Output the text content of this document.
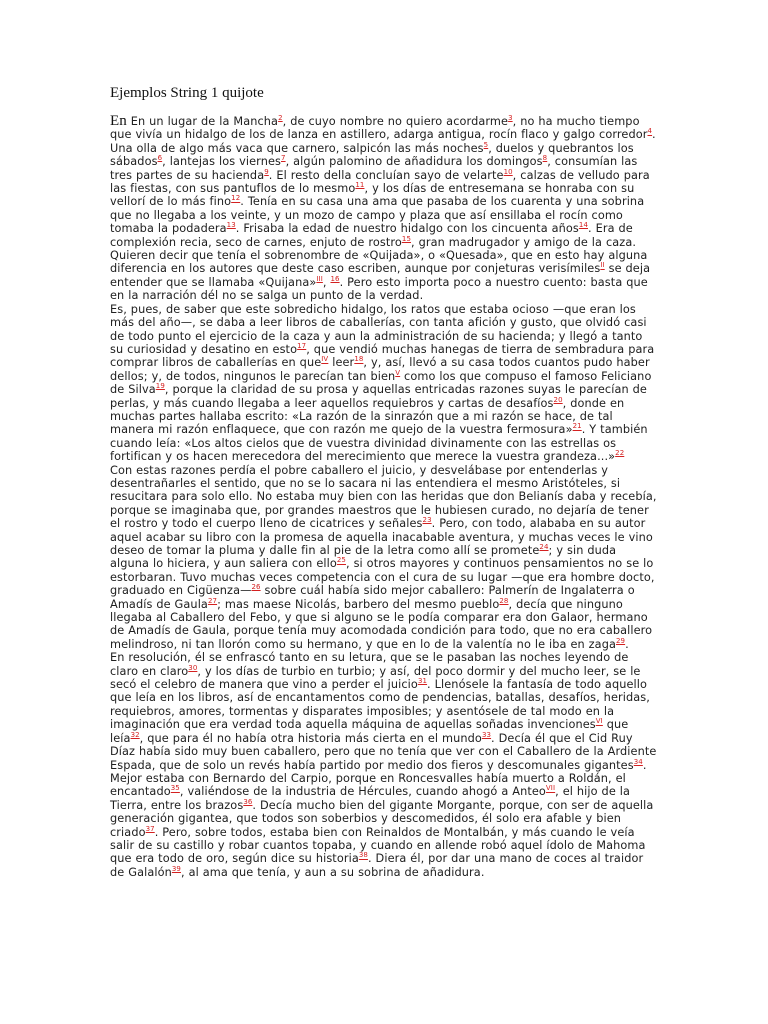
Ejemplos String 1 quijote

En En un lugar de la Mancha$^2$, de cuyo nombre no quiero acordarme$^3$, no ha mucho tiempo que vivía un hidalgo de los de lanza en astillero, adarga antigua, rocín flaco y galgo corredor$^4$. Una olla de algo más vaca que carnero, salpicón las más noches$^5$, duelos y quebrantos los sábados$^6$, lantejas los viernes$^7$, algún palomino de añadidura los domingos$^8$, consumían las tres partes de su hacienda$^9$. El resto della concluían sayo de velarte$^{10}$, calzas de velludo para las fiestas, con sus pantuflos de lo mesmo$^{11}$, y los días de entresemana se honraba con su vellorí de lo más fino$^{12}$. Tenía en su casa una ama que pasaba de los cuarenta y una sobrina que no llegaba a los veinte, y un mozo de campo y plaza que así ensillaba el rocín como tomaba la podadera$^{13}$. Frisaba la edad de nuestro hidalgo con los cincuenta años$^{14}$. Era de complexión recia, seco de carnes, enjuto de rostro$^{15}$, gran madrugador y amigo de la caza. Quieren decir que tenía el sobrenombre de «Quijada», o «Quesada», que en esto hay alguna diferencia en los autores que deste caso escriben, aunque por conjeturas verisímiles$^{II}$ se deja entender que se llamaba «Quijana»$^{III}$, $^{16}$. Pero esto importa poco a nuestro cuento: basta que en la narración dél no se salga un punto de la verdad.

Es, pues, de saber que este sobredicho hidalgo, los ratos que estaba ocioso —que eran los más del año—, se daba a leer libros de caballerías, con tanta afición y gusto, que olvidó casi de todo punto el ejercicio de la caza y aun la administración de su hacienda; y llegó a tanto su curiosidad y desatino en esto$^{17}$, que vendió muchas hanegas de tierra de sembradura para comprar libros de caballerías en que$^{IV}$ leer$^{18}$, y, así, llevó a su casa todos cuantos pudo haber dellos; y, de todos, ningunos le parecían tan bien$^V$ como los que compuso el famoso Feliciano de Silva$^{19}$, porque la claridad de su prosa y aquellas entricadas razones suyas le parecían de perlas, y más cuando llegaba a leer aquellos requiebros y cartas de desafíos$^{20}$, donde en muchas partes hallaba escrito: «La razón de la sinrazón que a mi razón se hace, de tal manera mi razón enflaquece, que con razón me quejo de la vuestra fermosura»$^{21}$. Y también cuando leía: «Los altos cielos que de vuestra divinidad divinamente con las estrellas os fortifican y os hacen merecedora del merecimiento que merece la vuestra grandeza...»$^{22}$

Con estas razones perdía el pobre caballero el juicio, y desvelábase por entenderlas y desentrañarles el sentido, que no se lo sacara ni las entendiera el mesmo Aristóteles, si resucitara para solo ello. No estaba muy bien con las heridas que don Belianís daba y recebía, porque se imaginaba que, por grandes maestros que le hubiesen curado, no dejaría de tener el rostro y todo el cuerpo lleno de cicatrices y señales$^{23}$. Pero, con todo, alababa en su autor aquel acabar su libro con la promesa de aquella inacabable aventura, y muchas veces le vino deseo de tomar la pluma y dalle fin al pie de la letra como allí se promete$^{24}$; y sin duda alguna lo hiciera, y aun saliera con ello$^{25}$, si otros mayores y continuos pensamientos no se lo estorbaran. Tuvo muchas veces competencia con el cura de su lugar —que era hombre docto, graduado en Cigüenza—$^{26}$ sobre cuál había sido mejor caballero: Palmerín de Ingalaterra o Amadís de Gaula$^{27}$; mas maese Nicolás, barbero del mesmo pueblo$^{28}$, decía que ninguno llegaba al Caballero del Febo, y que si alguno se le podía comparar era don Galaor, hermano de Amadís de Gaula, porque tenía muy acomodada condición para todo, que no era caballero melindroso, ni tan llorón como su hermano, y que en lo de la valentía no le iba en zaga$^{29}$.

En resolución, él se enfrascó tanto en su letura, que se le pasaban las noches leyendo de claro en claro$^{30}$, y los días de turbio en turbio; y así, del poco dormir y del mucho leer, se le secó el celebro de manera que vino a perder el juicio$^{31}$. Llenósele la fantasía de todo aquello que leía en los libros, así de encantamentos como de pendencias, batallas, desafíos, heridas, requiebros, amores, tormentas y disparates imposibles; y asentósele de tal modo en la imaginación que era verdad toda aquella máquina de aquellas soñadas invenciones$^{VI}$ que leía$^{32}$, que para él no había otra historia más cierta en el mundo$^{33}$. Decía él que el Cid Ruy Díaz había sido muy buen caballero, pero que no tenía que ver con el Caballero de la Ardiente Espada, que de solo un revés había partido por medio dos fieros y descomunales gigantes$^{34}$. Mejor estaba con Bernardo del Carpio, porque en Roncesvalles había muerto a Roldán, el encantado$^{35}$, valiéndose de la industria de Hércules, cuando ahogó a Anteo$^{VII}$, el hijo de la Tierra, entre los brazos$^{36}$. Decía mucho bien del gigante Morgante, porque, con ser de aquella generación gigantea, que todos son soberbios y descomedidos, él solo era afable y bien criado$^{37}$. Pero, sobre todos, estaba bien con Reinaldos de Montalbán, y más cuando le veía salir de su castillo y robar cuantos topaba, y cuando en allende robó aquel ídolo de Mahoma que era todo de oro, según dice su historia$^{38}$. Diera él, por dar una mano de coces al traidor de Galalón$^{39}$, al ama que tenía, y aun a su sobrina de añadidura.
